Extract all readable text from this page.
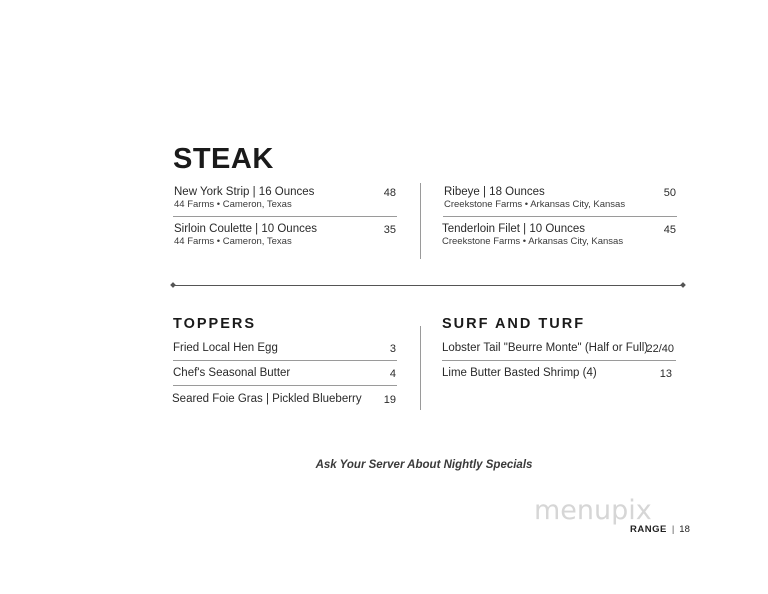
STEAK
New York Strip | 16 Ounces
44 Farms • Cameron, Texas
48
Sirloin Coulette | 10 Ounces
44 Farms • Cameron, Texas
35
Ribeye | 18 Ounces
Creekstone Farms • Arkansas City, Kansas
50
Tenderloin Filet | 10 Ounces
Creekstone Farms • Arkansas City, Kansas
45
TOPPERS
Fried Local Hen Egg	3
Chef's Seasonal Butter	4
Seared Foie Gras | Pickled Blueberry	19
SURF AND TURF
Lobster Tail "Beurre Monte" (Half or Full)
22/40
Lime Butter Basted Shrimp (4)	13
Ask Your Server About Nightly Specials
menupix
RANGE | 18
